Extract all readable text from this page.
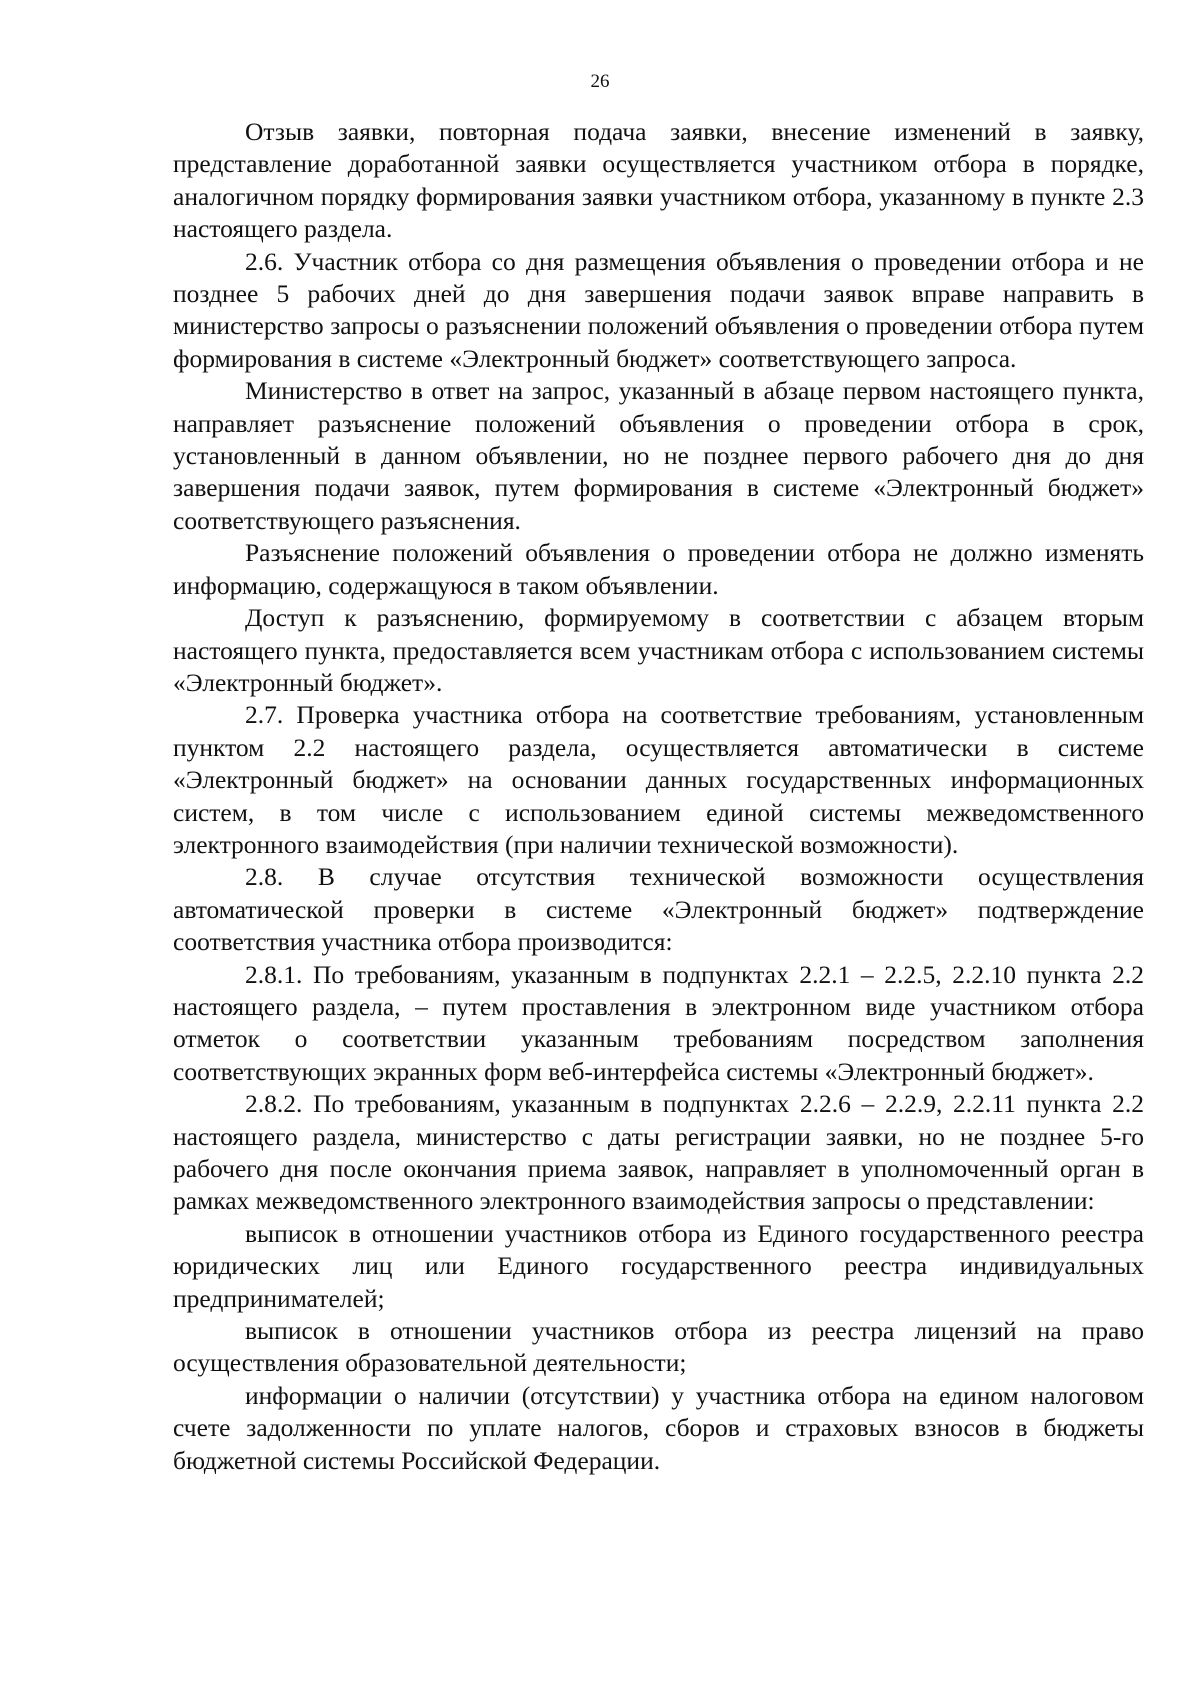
26

Отзыв заявки, повторная подача заявки, внесение изменений в заявку, представление доработанной заявки осуществляется участником отбора в порядке, аналогичном порядку формирования заявки участником отбора, указанному в пункте 2.3 настоящего раздела.

2.6. Участник отбора со дня размещения объявления о проведении отбора и не позднее 5 рабочих дней до дня завершения подачи заявок вправе направить в министерство запросы о разъяснении положений объявления о проведении отбора путем формирования в системе «Электронный бюджет» соответствующего запроса.

Министерство в ответ на запрос, указанный в абзаце первом настоящего пункта, направляет разъяснение положений объявления о проведении отбора в срок, установленный в данном объявлении, но не позднее первого рабочего дня до дня завершения подачи заявок, путем формирования в системе «Электронный бюджет» соответствующего разъяснения.

Разъяснение положений объявления о проведении отбора не должно изменять информацию, содержащуюся в таком объявлении.

Доступ к разъяснению, формируемому в соответствии с абзацем вторым настоящего пункта, предоставляется всем участникам отбора с использованием системы «Электронный бюджет».

2.7. Проверка участника отбора на соответствие требованиям, установленным пунктом 2.2 настоящего раздела, осуществляется автоматически в системе «Электронный бюджет» на основании данных государственных информационных систем, в том числе с использованием единой системы межведомственного электронного взаимодействия (при наличии технической возможности).

2.8. В случае отсутствия технической возможности осуществления автоматической проверки в системе «Электронный бюджет» подтверждение соответствия участника отбора производится:

2.8.1. По требованиям, указанным в подпунктах 2.2.1 – 2.2.5, 2.2.10 пункта 2.2 настоящего раздела, – путем проставления в электронном виде участником отбора отметок о соответствии указанным требованиям посредством заполнения соответствующих экранных форм веб-интерфейса системы «Электронный бюджет».

2.8.2. По требованиям, указанным в подпунктах 2.2.6 – 2.2.9, 2.2.11 пункта 2.2 настоящего раздела, министерство с даты регистрации заявки, но не позднее 5-го рабочего дня после окончания приема заявок, направляет в уполномоченный орган в рамках межведомственного электронного взаимодействия запросы о представлении:

выписок в отношении участников отбора из Единого государственного реестра юридических лиц или Единого государственного реестра индивидуальных предпринимателей;

выписок в отношении участников отбора из реестра лицензий на право осуществления образовательной деятельности;

информации о наличии (отсутствии) у участника отбора на едином налоговом счете задолженности по уплате налогов, сборов и страховых взносов в бюджеты бюджетной системы Российской Федерации.
